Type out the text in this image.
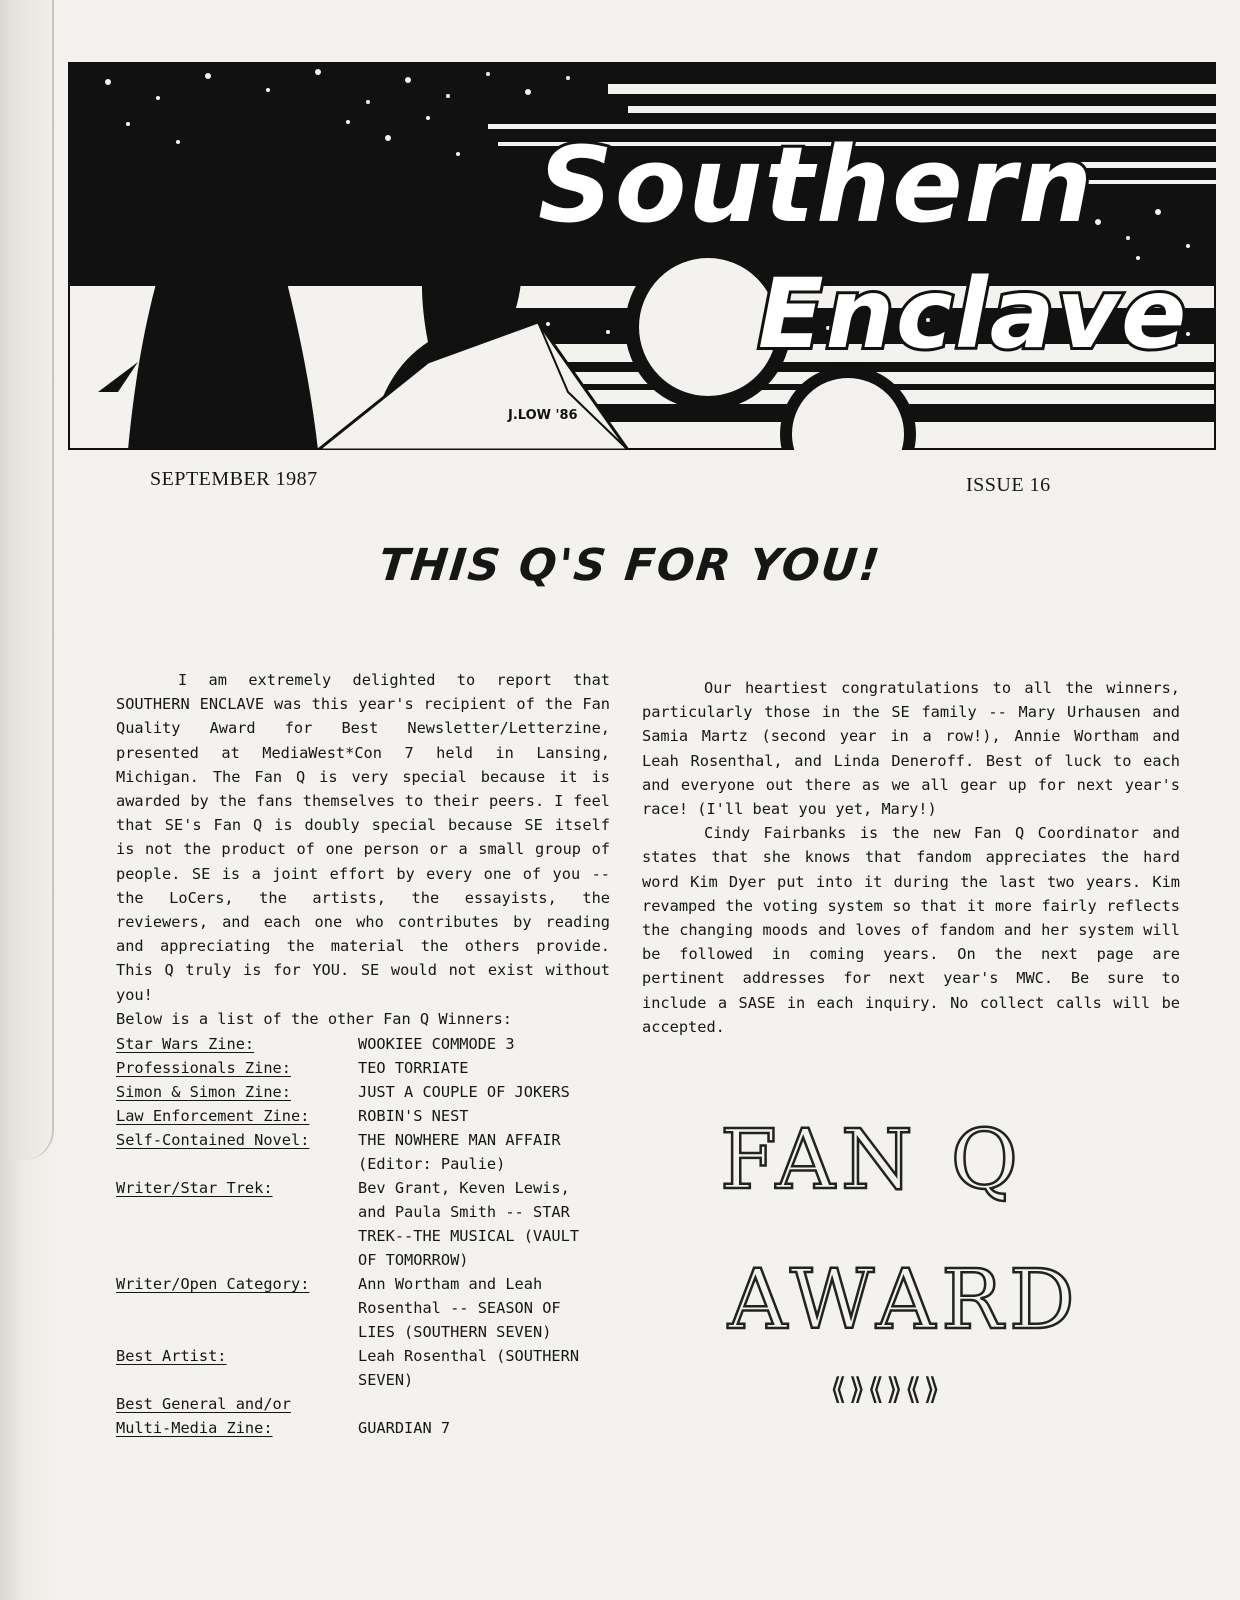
Southern
Enclave
J.LOW '86
SEPTEMBER 1987	ISSUE 16
THIS Q'S FOR YOU!

I am extremely delighted to report that SOUTHERN ENCLAVE was this year's recipient of the Fan Quality Award for Best Newsletter/Letterzine, presented at MediaWest*Con 7 held in Lansing, Michigan. The Fan Q is very special because it is awarded by the fans themselves to their peers. I feel that SE's Fan Q is doubly special because SE itself is not the product of one person or a small group of people. SE is a joint effort by every one of you -- the LoCers, the artists, the essayists, the reviewers, and each one who contributes by reading and appreciating the material the others provide. This Q truly is for YOU. SE would not exist without you!

Below is a list of the other Fan Q Winners:

Star Wars Zine:	WOOKIEE COMMODE 3
Professionals Zine:	TEO TORRIATE
Simon & Simon Zine:	JUST A COUPLE OF JOKERS
Law Enforcement Zine:	ROBIN'S NEST
Self-Contained Novel:	THE NOWHERE MAN AFFAIR
(Editor: Paulie)
Writer/Star Trek:	Bev Grant, Keven Lewis,
and Paula Smith -- STAR
TREK--THE MUSICAL (VAULT
OF TOMORROW)
Writer/Open Category:	Ann Wortham and Leah
Rosenthal -- SEASON OF
LIES (SOUTHERN SEVEN)
Best Artist:	Leah Rosenthal (SOUTHERN
SEVEN)
Best General and/or
Multi-Media Zine:	
GUARDIAN 7

Our heartiest congratulations to all the winners, particularly those in the SE family -- Mary Urhausen and Samia Martz (second year in a row!), Annie Wortham and Leah Rosenthal, and Linda Deneroff. Best of luck to each and everyone out there as we all gear up for next year's race! (I'll beat you yet, Mary!)

Cindy Fairbanks is the new Fan Q Coordinator and states that she knows that fandom appreciates the hard word Kim Dyer put into it during the last two years. Kim revamped the voting system so that it more fairly reflects the changing moods and loves of fandom and her system will be followed in coming years. On the next page are pertinent addresses for next year's MWC. Be sure to include a SASE in each inquiry. No collect calls will be accepted.

FAN Q
AWARD
⟪⟫⟪⟫⟪⟫
